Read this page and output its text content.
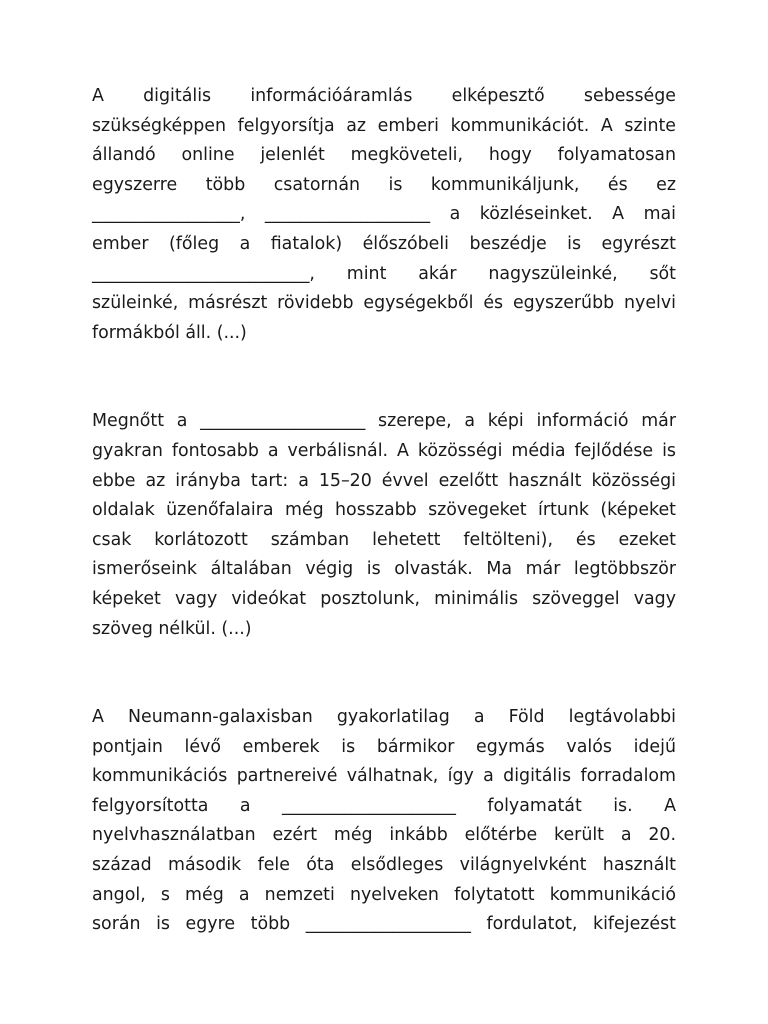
A digitális információáramlás elképesztő sebessége
szükségképpen felgyorsítja az emberi kommunikációt. A szinte
állandó online jelenlét megköveteli, hogy folyamatosan
egyszerre több csatornán is kommunikáljunk, és ez
_________________, ___________________ a közléseinket. A mai
ember (főleg a fiatalok) élőszóbeli beszédje is egyrészt
_________________________, mint akár nagyszüleinké, sőt
szüleinké, másrészt rövidebb egységekből és egyszerűbb nyelvi
formákból áll. (...)
Megnőtt a ___________________ szerepe, a képi információ már
gyakran fontosabb a verbálisnál. A közösségi média fejlődése is
ebbe az irányba tart: a 15–20 évvel ezelőtt használt közösségi
oldalak üzenőfalaira még hosszabb szövegeket írtunk (képeket
csak korlátozott számban lehetett feltölteni), és ezeket
ismerőseink általában végig is olvasták. Ma már legtöbbször
képeket vagy videókat posztolunk, minimális szöveggel vagy
szöveg nélkül. (...)
A Neumann-galaxisban gyakorlatilag a Föld legtávolabbi
pontjain lévő emberek is bármikor egymás valós idejű
kommunikációs partnereivé válhatnak, így a digitális forradalom
felgyorsította a ____________________ folyamatát is. A
nyelvhasználatban ezért még inkább előtérbe került a 20.
század második fele óta elsődleges világnyelvként használt
angol, s még a nemzeti nyelveken folytatott kommunikáció
során is egyre több ___________________ fordulatot, kifejezést
